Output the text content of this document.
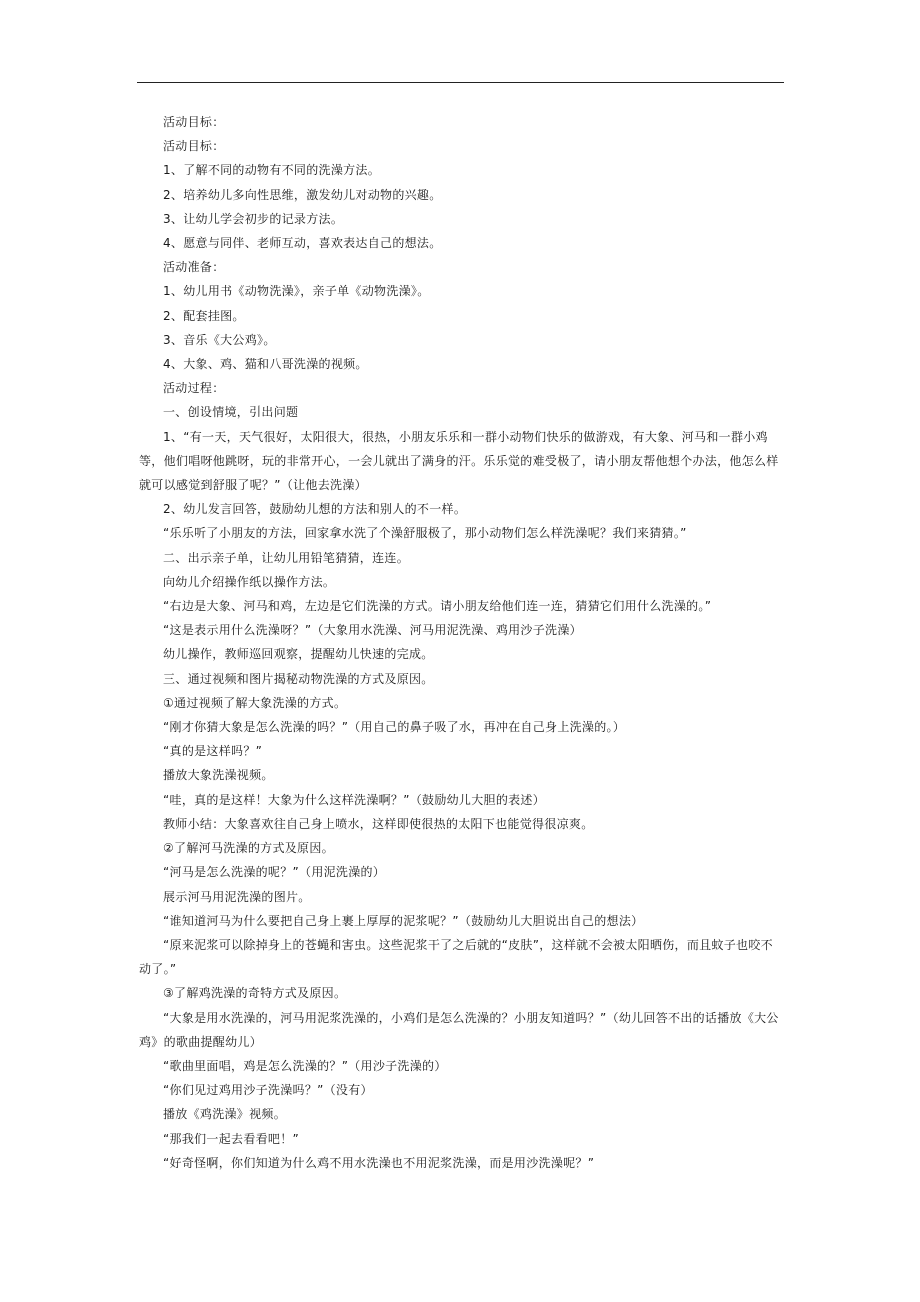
活动目标：

活动目标：

1、了解不同的动物有不同的洗澡方法。

2、培养幼儿多向性思维，激发幼儿对动物的兴趣。

3、让幼儿学会初步的记录方法。

4、愿意与同伴、老师互动，喜欢表达自己的想法。

活动准备：

1、幼儿用书《动物洗澡》，亲子单《动物洗澡》。

2、配套挂图。

3、音乐《大公鸡》。

4、大象、鸡、猫和八哥洗澡的视频。

活动过程：

一、创设情境，引出问题

1、“有一天，天气很好，太阳很大，很热，小朋友乐乐和一群小动物们快乐的做游戏，有大象、河马和一群小鸡等，他们唱呀他跳呀，玩的非常开心，一会儿就出了满身的汗。乐乐觉的难受极了，请小朋友帮他想个办法，他怎么样就可以感觉到舒服了呢？”（让他去洗澡）

2、幼儿发言回答，鼓励幼儿想的方法和别人的不一样。

“乐乐听了小朋友的方法，回家拿水洗了个澡舒服极了，那小动物们怎么样洗澡呢？我们来猜猜。”

二、出示亲子单，让幼儿用铅笔猜猜，连连。

向幼儿介绍操作纸以操作方法。

“右边是大象、河马和鸡，左边是它们洗澡的方式。请小朋友给他们连一连，猜猜它们用什么洗澡的。”

“这是表示用什么洗澡呀？”（大象用水洗澡、河马用泥洗澡、鸡用沙子洗澡）

幼儿操作，教师巡回观察，提醒幼儿快速的完成。

三、通过视频和图片揭秘动物洗澡的方式及原因。

①通过视频了解大象洗澡的方式。

“刚才你猜大象是怎么洗澡的吗？”（用自己的鼻子吸了水，再冲在自己身上洗澡的。）

“真的是这样吗？”

播放大象洗澡视频。

“哇，真的是这样！大象为什么这样洗澡啊？”（鼓励幼儿大胆的表述）

教师小结：大象喜欢往自己身上喷水，这样即使很热的太阳下也能觉得很凉爽。

②了解河马洗澡的方式及原因。

“河马是怎么洗澡的呢？”（用泥洗澡的）

展示河马用泥洗澡的图片。

“谁知道河马为什么要把自己身上裹上厚厚的泥浆呢？”（鼓励幼儿大胆说出自己的想法）

“原来泥浆可以除掉身上的苍蝇和害虫。这些泥浆干了之后就的“皮肤”，这样就不会被太阳晒伤，而且蚊子也咬不动了。”

③了解鸡洗澡的奇特方式及原因。

“大象是用水洗澡的，河马用泥浆洗澡的，小鸡们是怎么洗澡的？小朋友知道吗？”（幼儿回答不出的话播放《大公鸡》的歌曲提醒幼儿）

“歌曲里面唱，鸡是怎么洗澡的？”（用沙子洗澡的）

“你们见过鸡用沙子洗澡吗？”（没有）

播放《鸡洗澡》视频。

“那我们一起去看看吧！”

“好奇怪啊，你们知道为什么鸡不用水洗澡也不用泥浆洗澡，而是用沙洗澡呢？”
